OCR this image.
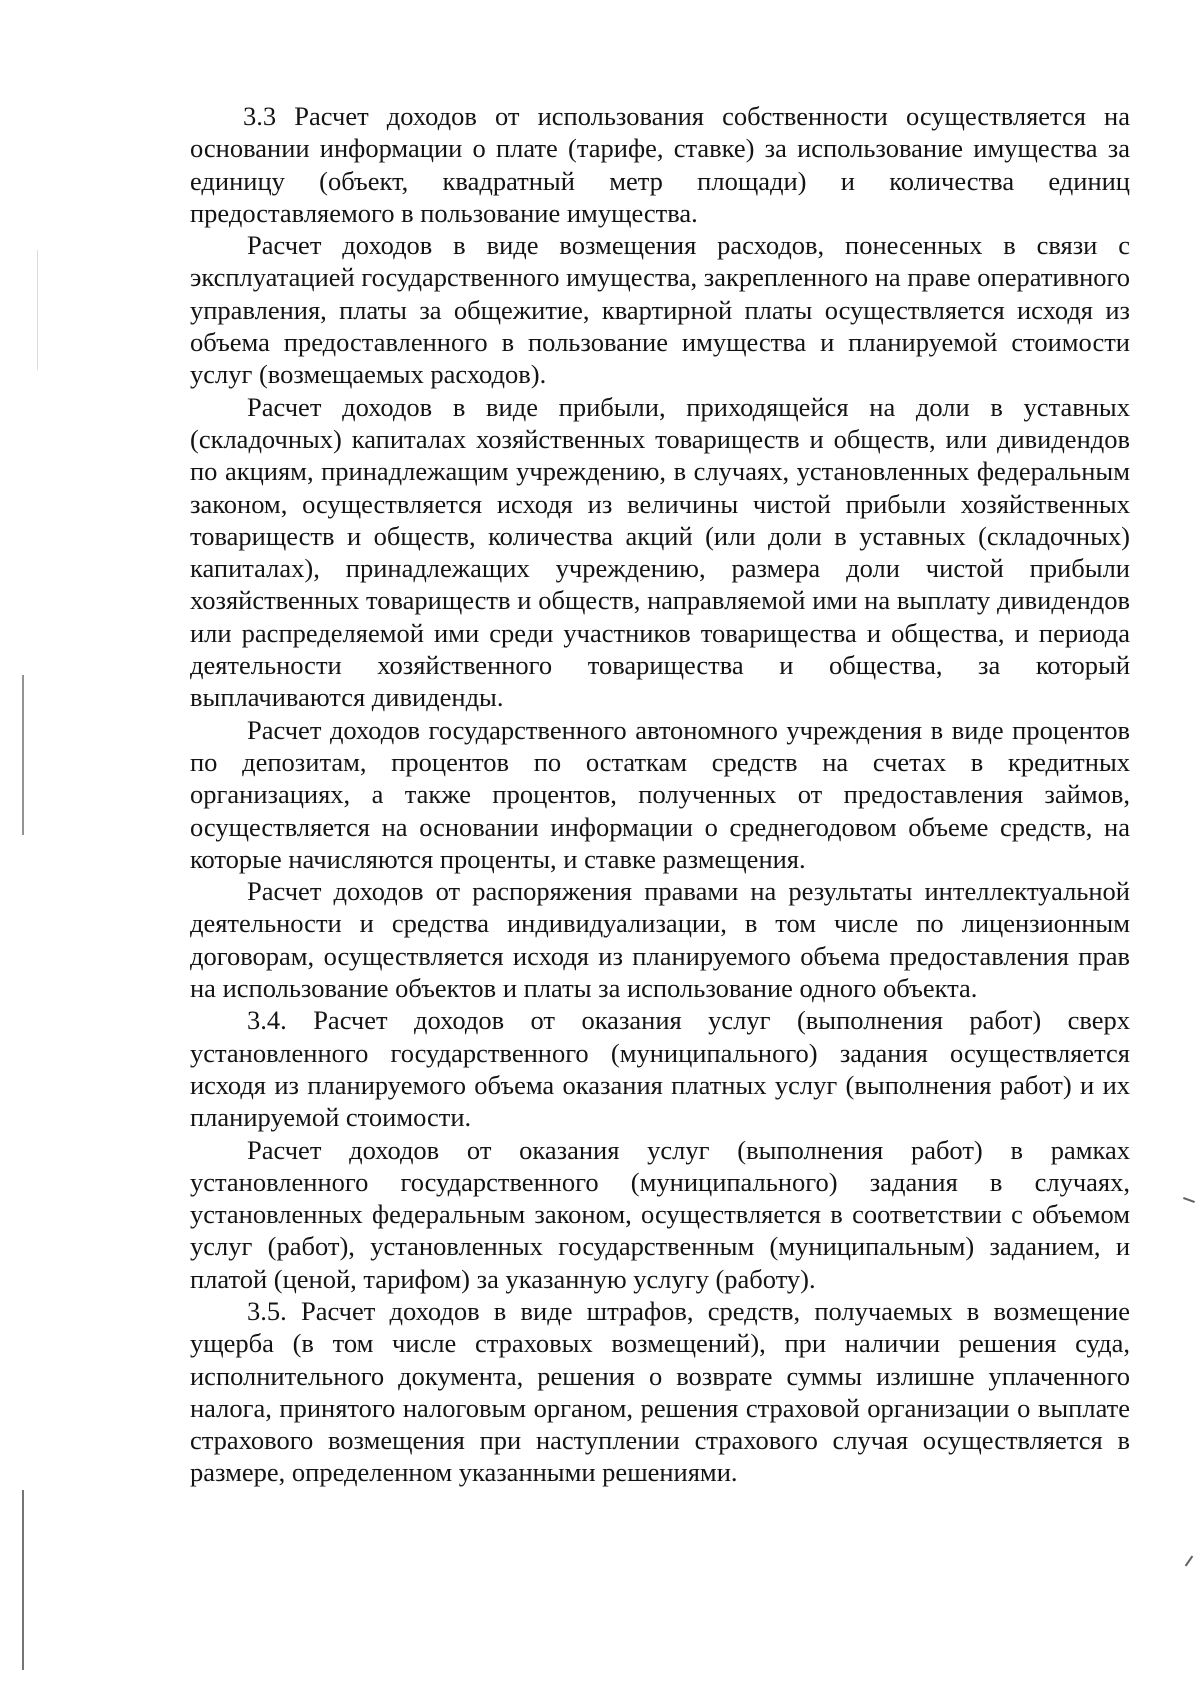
3.3 Расчет доходов от использования собственности осуществляется на основании информации о плате (тарифе, ставке) за использование имущества за единицу (объект, квадратный метр площади) и количества единиц предоставляемого в пользование имущества.

Расчет доходов в виде возмещения расходов, понесенных в связи с эксплуатацией государственного имущества, закрепленного на праве оперативного управления, платы за общежитие, квартирной платы осуществляется исходя из объема предоставленного в пользование имущества и планируемой стоимости услуг (возмещаемых расходов).

Расчет доходов в виде прибыли, приходящейся на доли в уставных (складочных) капиталах хозяйственных товариществ и обществ, или дивидендов по акциям, принадлежащим учреждению, в случаях, установленных федеральным законом, осуществляется исходя из величины чистой прибыли хозяйственных товариществ и обществ, количества акций (или доли в уставных (складочных) капиталах), принадлежащих учреждению, размера доли чистой прибыли хозяйственных товариществ и обществ, направляемой ими на выплату дивидендов или распределяемой ими среди участников товарищества и общества, и периода деятельности хозяйственного товарищества и общества, за который выплачиваются дивиденды.

Расчет доходов государственного автономного учреждения в виде процентов по депозитам, процентов по остаткам средств на счетах в кредитных организациях, а также процентов, полученных от предоставления займов, осуществляется на основании информации о среднегодовом объеме средств, на которые начисляются проценты, и ставке размещения.

Расчет доходов от распоряжения правами на результаты интеллектуальной деятельности и средства индивидуализации, в том числе по лицензионным договорам, осуществляется исходя из планируемого объема предоставления прав на использование объектов и платы за использование одного объекта.

3.4. Расчет доходов от оказания услуг (выполнения работ) сверх установленного государственного (муниципального) задания осуществляется исходя из планируемого объема оказания платных услуг (выполнения работ) и их планируемой стоимости.

Расчет доходов от оказания услуг (выполнения работ) в рамках установленного государственного (муниципального) задания в случаях, установленных федеральным законом, осуществляется в соответствии с объемом услуг (работ), установленных государственным (муниципальным) заданием, и платой (ценой, тарифом) за указанную услугу (работу).

3.5. Расчет доходов в виде штрафов, средств, получаемых в возмещение ущерба (в том числе страховых возмещений), при наличии решения суда, исполнительного документа, решения о возврате суммы излишне уплаченного налога, принятого налоговым органом, решения страховой организации о выплате страхового возмещения при наступлении страхового случая осуществляется в размере, определенном указанными решениями.
